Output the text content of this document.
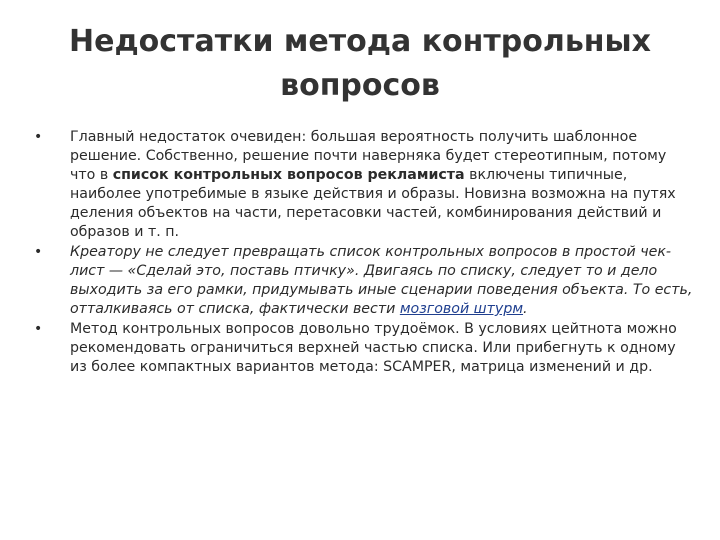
Недостатки метода контрольных
вопросов
•	Главный недостаток очевиден: большая вероятность получить шаблонное решение. Собственно, решение почти наверняка будет стереотипным, потому что в список контрольных вопросов рекламиста включены типичные, наиболее употребимые в языке действия и образы. Новизна возможна на путях деления объектов на части, перетасовки частей, комбинирования действий и образов и т. п.
•	Креатору не следует превращать список контрольных вопросов в простой чек-лист — «Сделай это, поставь птичку». Двигаясь по списку, следует то и дело выходить за его рамки, придумывать иные сценарии поведения объекта. То есть, отталкиваясь от списка, фактически вести мозговой штурм.
•	Метод контрольных вопросов довольно трудоёмок. В условиях цейтнота можно рекомендовать ограничиться верхней частью списка. Или прибегнуть к одному из более компактных вариантов метода: SCAMPER, матрица изменений и др.
